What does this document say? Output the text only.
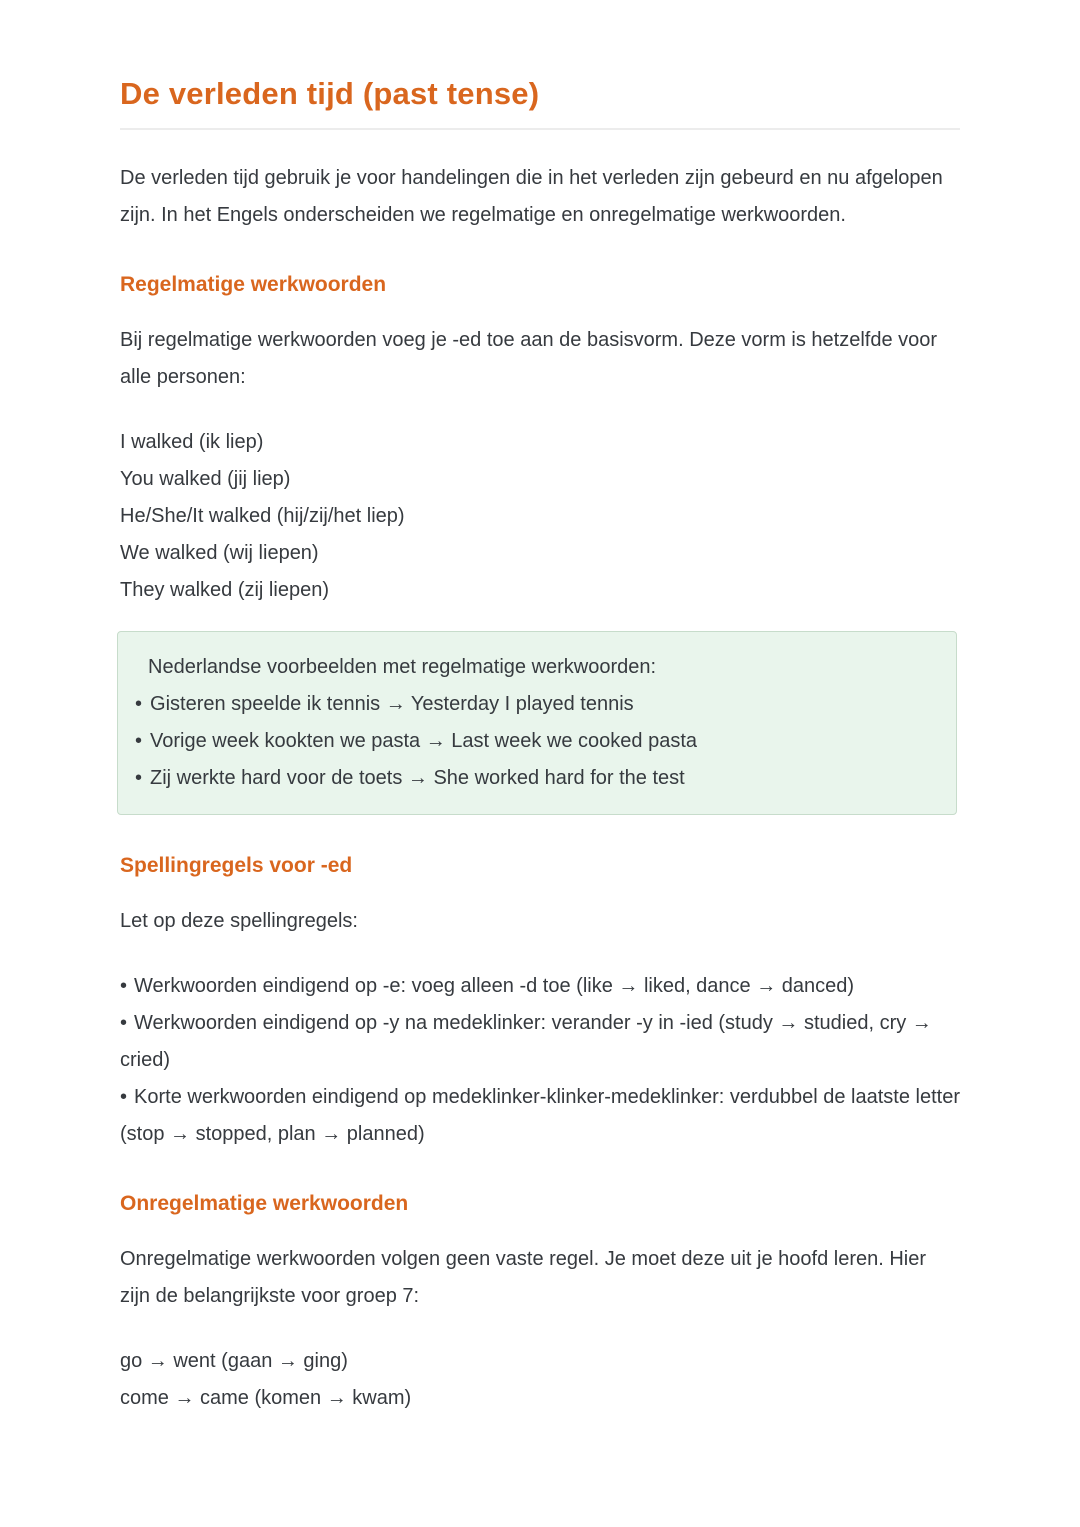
De verleden tijd (past tense)

De verleden tijd gebruik je voor handelingen die in het verleden zijn gebeurd en nu afgelopen zijn. In het Engels onderscheiden we regelmatige en onregelmatige werkwoorden.

Regelmatige werkwoorden

Bij regelmatige werkwoorden voeg je -ed toe aan de basisvorm. Deze vorm is hetzelfde voor alle personen:

I walked (ik liep)
You walked (jij liep)
He/She/It walked (hij/zij/het liep)
We walked (wij liepen)
They walked (zij liepen)

Nederlandse voorbeelden met regelmatige werkwoorden:

• Gisteren speelde ik tennis → Yesterday I played tennis
• Vorige week kookten we pasta → Last week we cooked pasta
• Zij werkte hard voor de toets → She worked hard for the test
Spellingregels voor -ed

Let op deze spellingregels:

• Werkwoorden eindigend op -e: voeg alleen -d toe (like → liked, dance → danced)

• Werkwoorden eindigend op -y na medeklinker: verander -y in -ied (study → studied, cry → cried)

• Korte werkwoorden eindigend op medeklinker-klinker-medeklinker: verdubbel de laatste letter (stop → stopped, plan → planned)

Onregelmatige werkwoorden

Onregelmatige werkwoorden volgen geen vaste regel. Je moet deze uit je hoofd leren. Hier zijn de belangrijkste voor groep 7:

go → went (gaan → ging)
come → came (komen → kwam)
